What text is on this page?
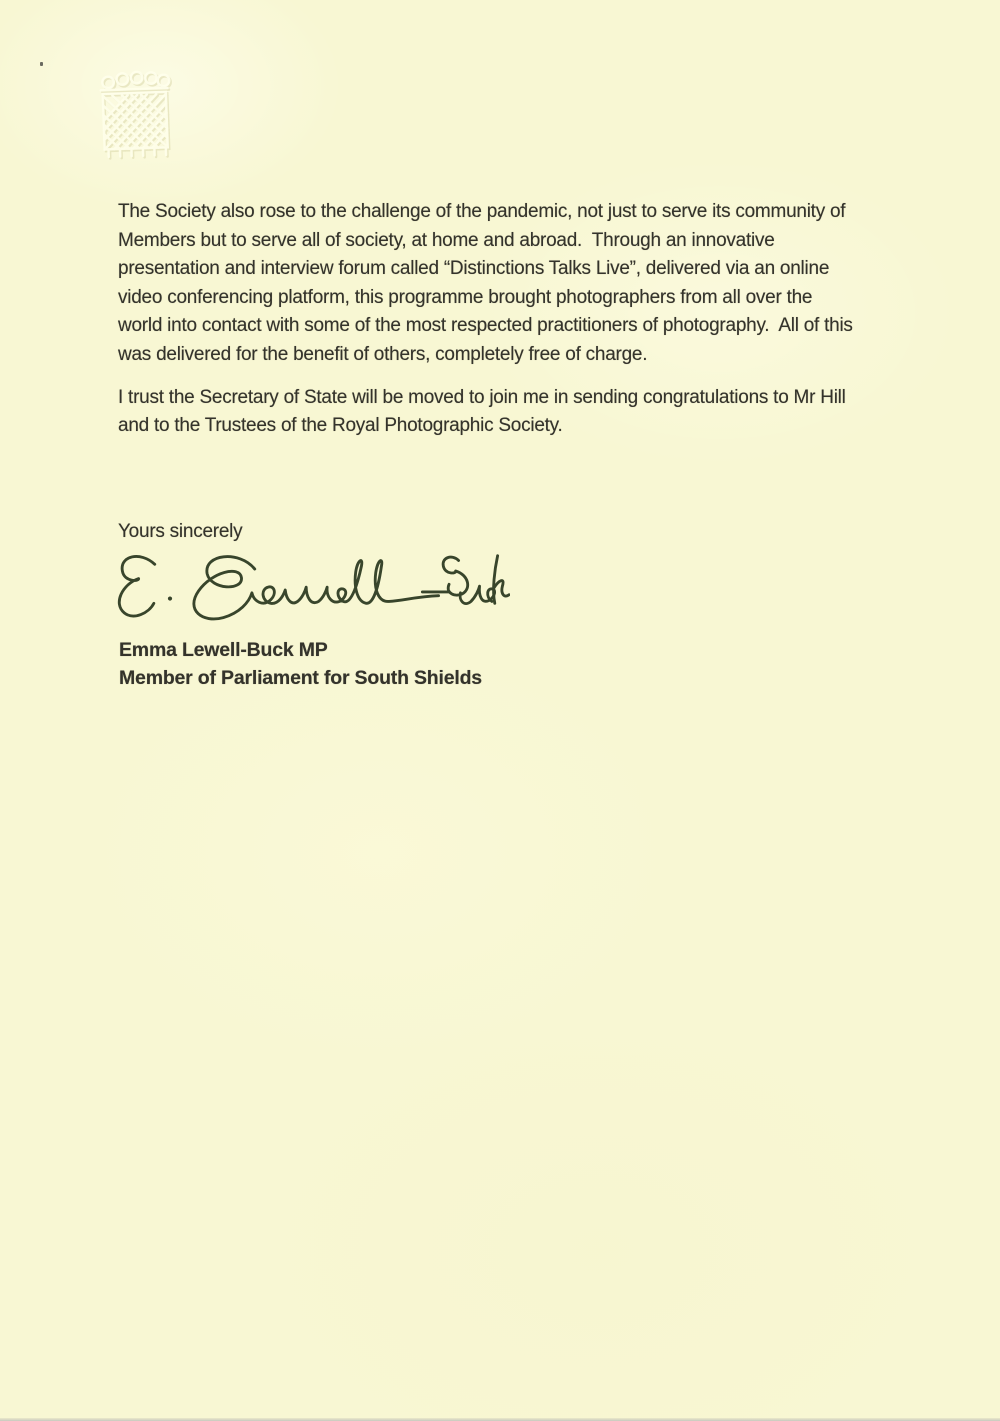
The Society also rose to the challenge of the pandemic, not just to serve its community of
Members but to serve all of society, at home and abroad.  Through an innovative
presentation and interview forum called “Distinctions Talks Live”, delivered via an online
video conferencing platform, this programme brought photographers from all over the
world into contact with some of the most respected practitioners of photography.  All of this
was delivered for the benefit of others, completely free of charge.
I trust the Secretary of State will be moved to join me in sending congratulations to Mr Hill
and to the Trustees of the Royal Photographic Society.
Yours sincerely
Emma Lewell-Buck MP
Member of Parliament for South Shields
